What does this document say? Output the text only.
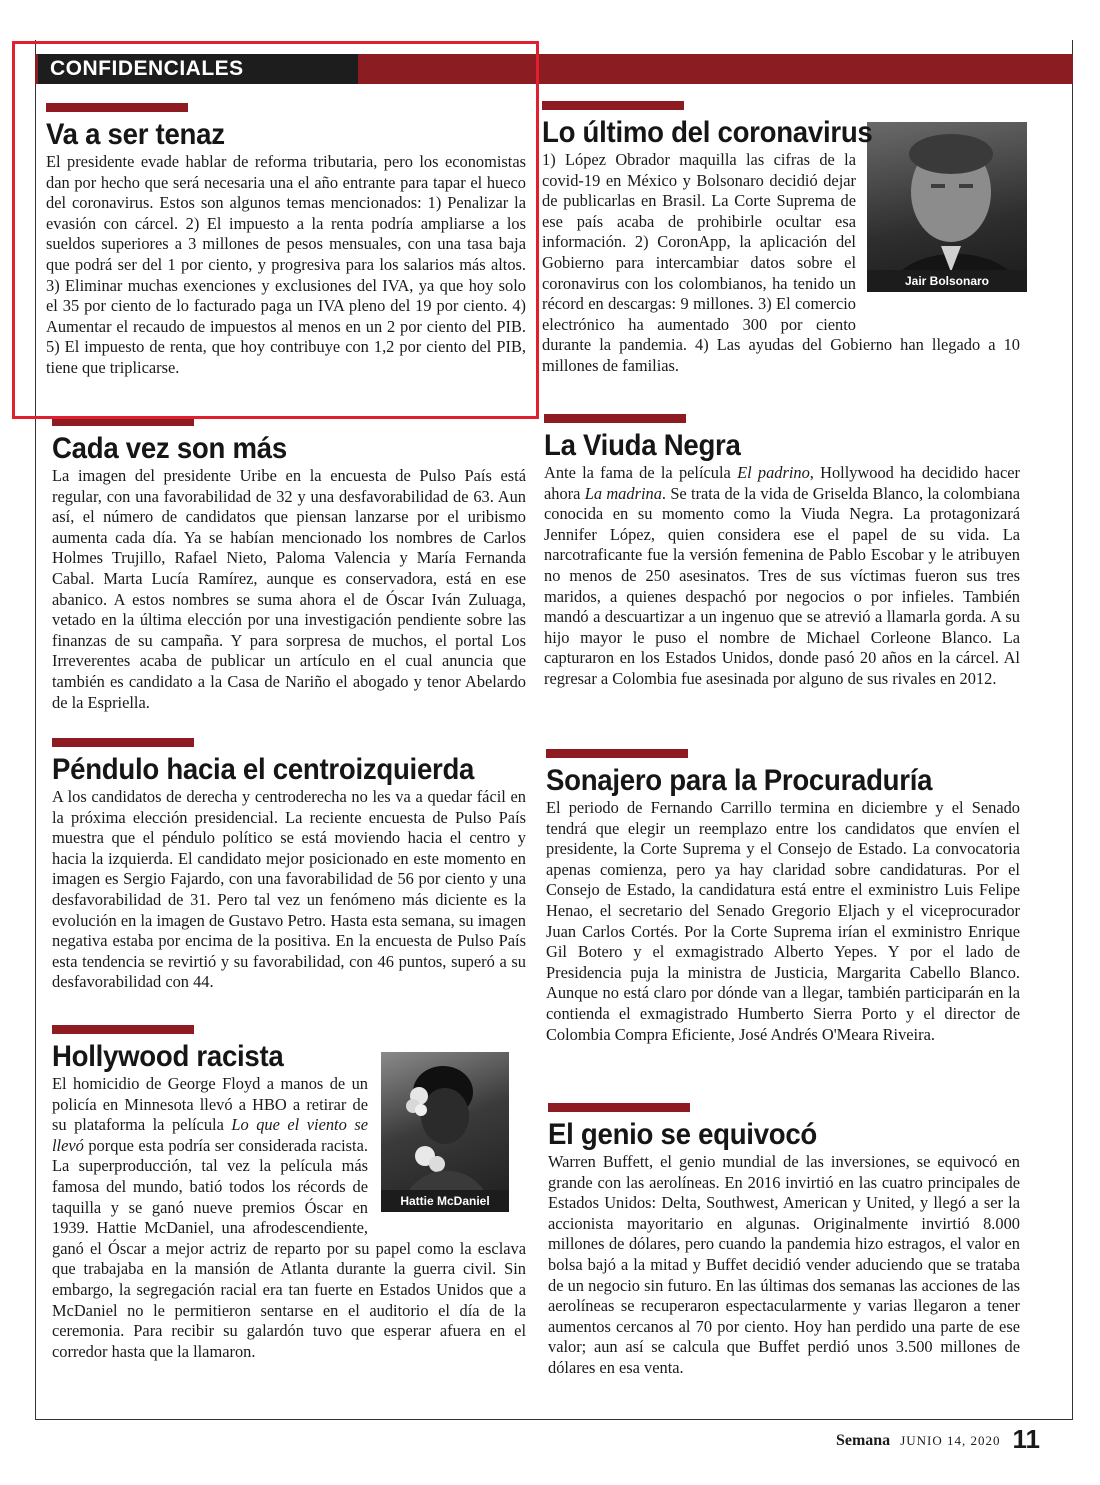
CONFIDENCIALES
Va a ser tenaz

El presidente evade hablar de reforma tributaria, pero los economistas dan por hecho que será necesaria una el año entrante para tapar el hueco del coronavirus. Estos son algunos temas mencionados: 1) Penalizar la evasión con cárcel. 2) El impuesto a la renta podría ampliarse a los sueldos superiores a 3 millones de pesos mensuales, con una tasa baja que podrá ser del 1 por ciento, y progresiva para los salarios más altos. 3) Eliminar muchas exenciones y exclusiones del IVA, ya que hoy solo el 35 por ciento de lo facturado paga un IVA pleno del 19 por ciento. 4) Aumentar el recaudo de impuestos al menos en un 2 por ciento del PIB. 5) El impuesto de renta, que hoy contribuye con 1,2 por ciento del PIB, tiene que triplicarse.

Cada vez son más

La imagen del presidente Uribe en la encuesta de Pulso País está regular, con una favorabilidad de 32 y una desfavorabilidad de 63. Aun así, el número de candidatos que piensan lanzarse por el uribismo aumenta cada día. Ya se habían mencionado los nombres de Carlos Holmes Trujillo, Rafael Nieto, Paloma Valencia y María Fernanda Cabal. Marta Lucía Ramírez, aunque es conservadora, está en ese abanico. A estos nombres se suma ahora el de Óscar Iván Zuluaga, vetado en la última elección por una investigación pendiente sobre las finanzas de su campaña. Y para sorpresa de muchos, el portal Los Irreverentes acaba de publicar un artículo en el cual anuncia que también es candidato a la Casa de Nariño el abogado y tenor Abelardo de la Espriella.

Péndulo hacia el centroizquierda

A los candidatos de derecha y centroderecha no les va a quedar fácil en la próxima elección presidencial. La reciente encuesta de Pulso País muestra que el péndulo político se está moviendo hacia el centro y hacia la izquierda. El candidato mejor posicionado en este momento en imagen es Sergio Fajardo, con una favorabilidad de 56 por ciento y una desfavorabilidad de 31. Pero tal vez un fenómeno más diciente es la evolución en la imagen de Gustavo Petro. Hasta esta semana, su imagen negativa estaba por encima de la positiva. En la encuesta de Pulso País esta tendencia se revirtió y su favorabilidad, con 46 puntos, superó a su desfavorabilidad con 44.

Hattie McDaniel
Hollywood racista

El homicidio de George Floyd a manos de un policía en Minnesota llevó a HBO a retirar de su plataforma la película Lo que el viento se llevó porque esta podría ser considerada racista. La superproducción, tal vez la película más famosa del mundo, batió todos los récords de taquilla y se ganó nueve premios Óscar en 1939. Hattie McDaniel, una afrodescendiente, ganó el Óscar a mejor actriz de reparto por su papel como la esclava que trabajaba en la mansión de Atlanta durante la guerra civil. Sin embargo, la segregación racial era tan fuerte en Estados Unidos que a McDaniel no le permitieron sentarse en el auditorio el día de la ceremonia. Para recibir su galardón tuvo que esperar afuera en el corredor hasta que la llamaron.

Jair Bolsonaro
Lo último del coronavirus

1) López Obrador maquilla las cifras de la covid-19 en México y Bolsonaro decidió dejar de publicarlas en Brasil. La Corte Suprema de ese país acaba de prohibirle ocultar esa información. 2) CoronApp, la aplicación del Gobierno para intercambiar datos sobre el coronavirus con los colombianos, ha tenido un récord en descargas: 9 millones. 3) El comercio electrónico ha aumentado 300 por ciento durante la pandemia. 4) Las ayudas del Gobierno han llegado a 10 millones de familias.

La Viuda Negra

Ante la fama de la película El padrino, Hollywood ha decidido hacer ahora La madrina. Se trata de la vida de Griselda Blanco, la colombiana conocida en su momento como la Viuda Negra. La protagonizará Jennifer López, quien considera ese el papel de su vida. La narcotraficante fue la versión femenina de Pablo Escobar y le atribuyen no menos de 250 asesinatos. Tres de sus víctimas fueron sus tres maridos, a quienes despachó por negocios o por infieles. También mandó a descuartizar a un ingenuo que se atrevió a llamarla gorda. A su hijo mayor le puso el nombre de Michael Corleone Blanco. La capturaron en los Estados Unidos, donde pasó 20 años en la cárcel. Al regresar a Colombia fue asesinada por alguno de sus rivales en 2012.

Sonajero para la Procuraduría

El periodo de Fernando Carrillo termina en diciembre y el Senado tendrá que elegir un reemplazo entre los candidatos que envíen el presidente, la Corte Suprema y el Consejo de Estado. La convocatoria apenas comienza, pero ya hay claridad sobre candidaturas. Por el Consejo de Estado, la candidatura está entre el exministro Luis Felipe Henao, el secretario del Senado Gregorio Eljach y el viceprocurador Juan Carlos Cortés. Por la Corte Suprema irían el exministro Enrique Gil Botero y el exmagistrado Alberto Yepes. Y por el lado de Presidencia puja la ministra de Justicia, Margarita Cabello Blanco. Aunque no está claro por dónde van a llegar, también participarán en la contienda el exmagistrado Humberto Sierra Porto y el director de Colombia Compra Eficiente, José Andrés O'Meara Riveira.

El genio se equivocó

Warren Buffett, el genio mundial de las inversiones, se equivocó en grande con las aerolíneas. En 2016 invirtió en las cuatro principales de Estados Unidos: Delta, Southwest, American y United, y llegó a ser la accionista mayoritario en algunas. Originalmente invirtió 8.000 millones de dólares, pero cuando la pandemia hizo estragos, el valor en bolsa bajó a la mitad y Buffet decidió vender aduciendo que se trataba de un negocio sin futuro. En las últimas dos semanas las acciones de las aerolíneas se recuperaron espectacularmente y varias llegaron a tener aumentos cercanos al 70 por ciento. Hoy han perdido una parte de ese valor; aun así se calcula que Buffet perdió unos 3.500 millones de dólares en esa venta.

Semana JUNIO 14, 2020 11
